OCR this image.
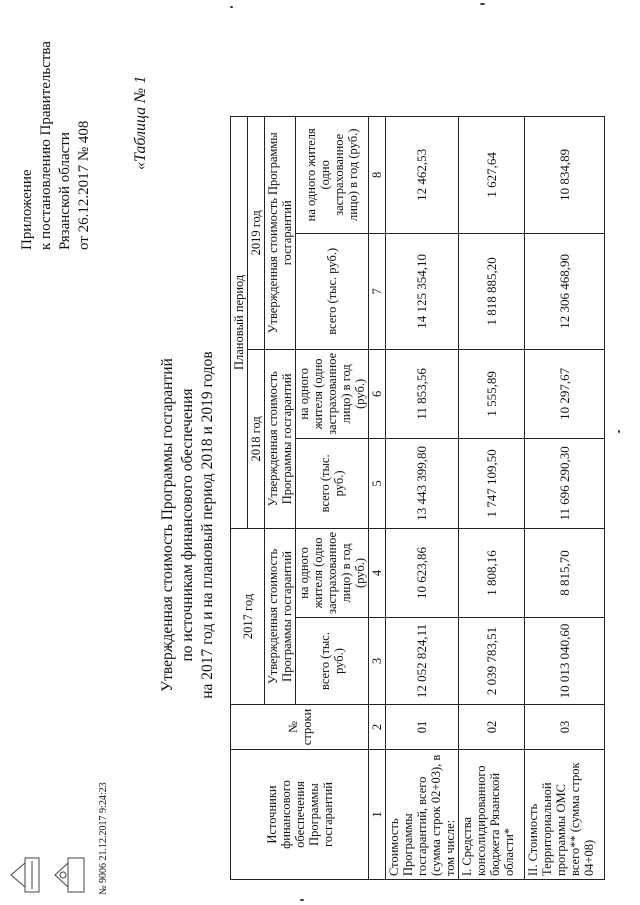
Приложение к постановлению Правительства Рязанской области от 26.12.2017 № 408	«Таблица № 1
Утвержденная стоимость Программы госгарантий по источникам финансового обеспечения на 2017 год и на плановый период 2018 и 2019 годов
Источники финансового обеспечения Программы госгарантий	№ строки	2017 год		Плановый период			
				2018 год		2019 год	
		Утвержденная стоимость Программы госгарантий		Утвержденная стоимость Программы госгарантий		Утвержденная стоимость Программы госгарантий	
		всего (тыс. руб.)	на одного жителя (одно застрахованное лицо) в год (руб.)	всего (тыс. руб.)	на одного жителя (одно застрахованное лицо) в год (руб.)	всего (тыс. руб.)	на одного жителя (одно застрахованное лицо) в год (руб.)
1	2	3	4	5	6	7	8
Стоимость Программы госгарантий, всего (сумма строк 02+03), в том числе:	01	12 052 824,11	10 623,86	13 443 399,80	11 853,56	14 125 354,10	12 462,53
I. Средства консолидированного бюджета Рязанской области*	02	2 039 783,51	1 808,16	1 747 109,50	1 555,89	1 818 885,20	1 627,64
II. Стоимость Территориальной программы ОМС всего** (сумма строк 04+08)	03	10 013 040,60	8 815,70	11 696 290,30	10 297,67	12 306 468,90	10 834,89
№ 9006 21.12.2017 9:24:23
